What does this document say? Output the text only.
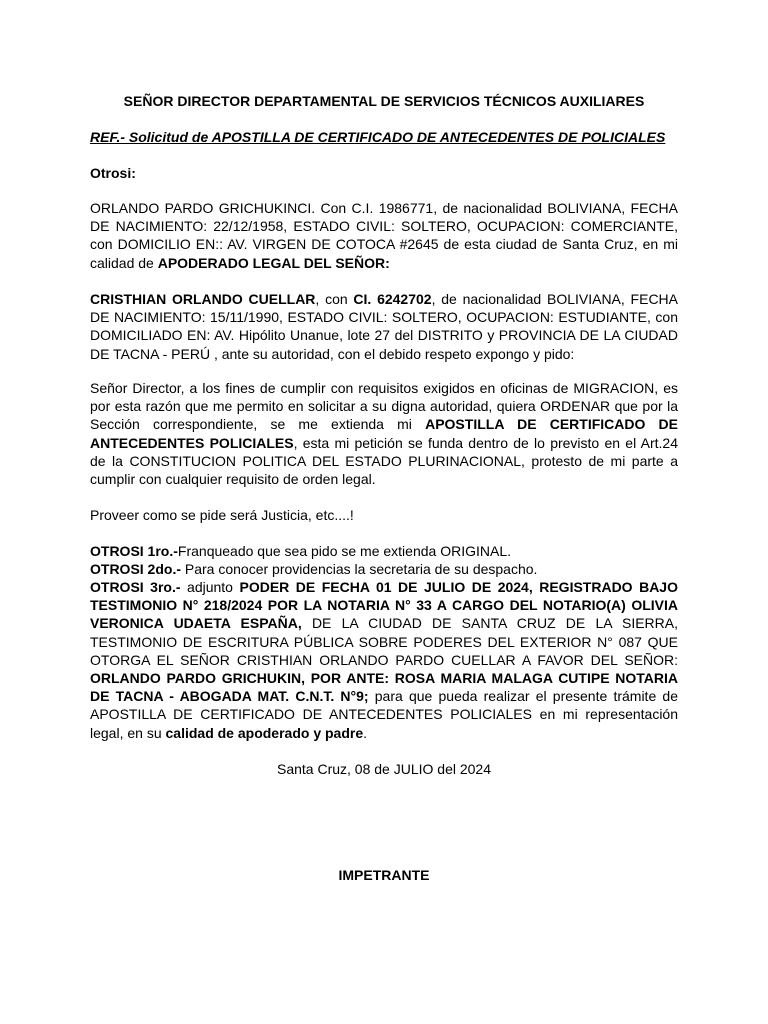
SEÑOR DIRECTOR DEPARTAMENTAL DE SERVICIOS TÉCNICOS AUXILIARES

REF.- Solicitud de APOSTILLA DE CERTIFICADO DE ANTECEDENTES DE POLICIALES

Otrosi:

ORLANDO PARDO GRICHUKINCI. Con C.I. 1986771, de nacionalidad BOLIVIANA, FECHA DE NACIMIENTO: 22/12/1958, ESTADO CIVIL: SOLTERO, OCUPACION: COMERCIANTE, con DOMICILIO EN:: AV. VIRGEN DE COTOCA #2645 de esta ciudad de Santa Cruz, en mi calidad de APODERADO LEGAL DEL SEÑOR:

CRISTHIAN ORLANDO CUELLAR, con CI. 6242702, de nacionalidad BOLIVIANA, FECHA DE NACIMIENTO: 15/11/1990, ESTADO CIVIL: SOLTERO, OCUPACION: ESTUDIANTE, con DOMICILIADO EN: AV. Hipólito Unanue, lote 27 del DISTRITO y PROVINCIA DE LA CIUDAD DE TACNA - PERÚ , ante su autoridad, con el debido respeto expongo y pido:

Señor Director, a los fines de cumplir con requisitos exigidos en oficinas de MIGRACION, es por esta razón que me permito en solicitar a su digna autoridad, quiera ORDENAR que por la Sección correspondiente, se me extienda mi APOSTILLA DE CERTIFICADO DE ANTECEDENTES POLICIALES, esta mi petición se funda dentro de lo previsto en el Art.24 de la CONSTITUCION POLITICA DEL ESTADO PLURINACIONAL, protesto de mi parte a cumplir con cualquier requisito de orden legal.

Proveer como se pide será Justicia, etc....!

OTROSI 1ro.-Franqueado que sea pido se me extienda ORIGINAL.

OTROSI 2do.- Para conocer providencias la secretaria de su despacho.

OTROSI 3ro.- adjunto PODER DE FECHA 01 DE JULIO DE 2024, REGISTRADO BAJO TESTIMONIO N° 218/2024 POR LA NOTARIA N° 33 A CARGO DEL NOTARIO(A) OLIVIA VERONICA UDAETA ESPAÑA, DE LA CIUDAD DE SANTA CRUZ DE LA SIERRA, TESTIMONIO DE ESCRITURA PÚBLICA SOBRE PODERES DEL EXTERIOR N° 087 QUE OTORGA EL SEÑOR CRISTHIAN ORLANDO PARDO CUELLAR A FAVOR DEL SEÑOR: ORLANDO PARDO GRICHUKIN, POR ANTE: ROSA MARIA MALAGA CUTIPE NOTARIA DE TACNA - ABOGADA MAT. C.N.T. N°9; para que pueda realizar el presente trámite de APOSTILLA DE CERTIFICADO DE ANTECEDENTES POLICIALES en mi representación legal, en su calidad de apoderado y padre.

Santa Cruz, 08 de JULIO del 2024

IMPETRANTE
